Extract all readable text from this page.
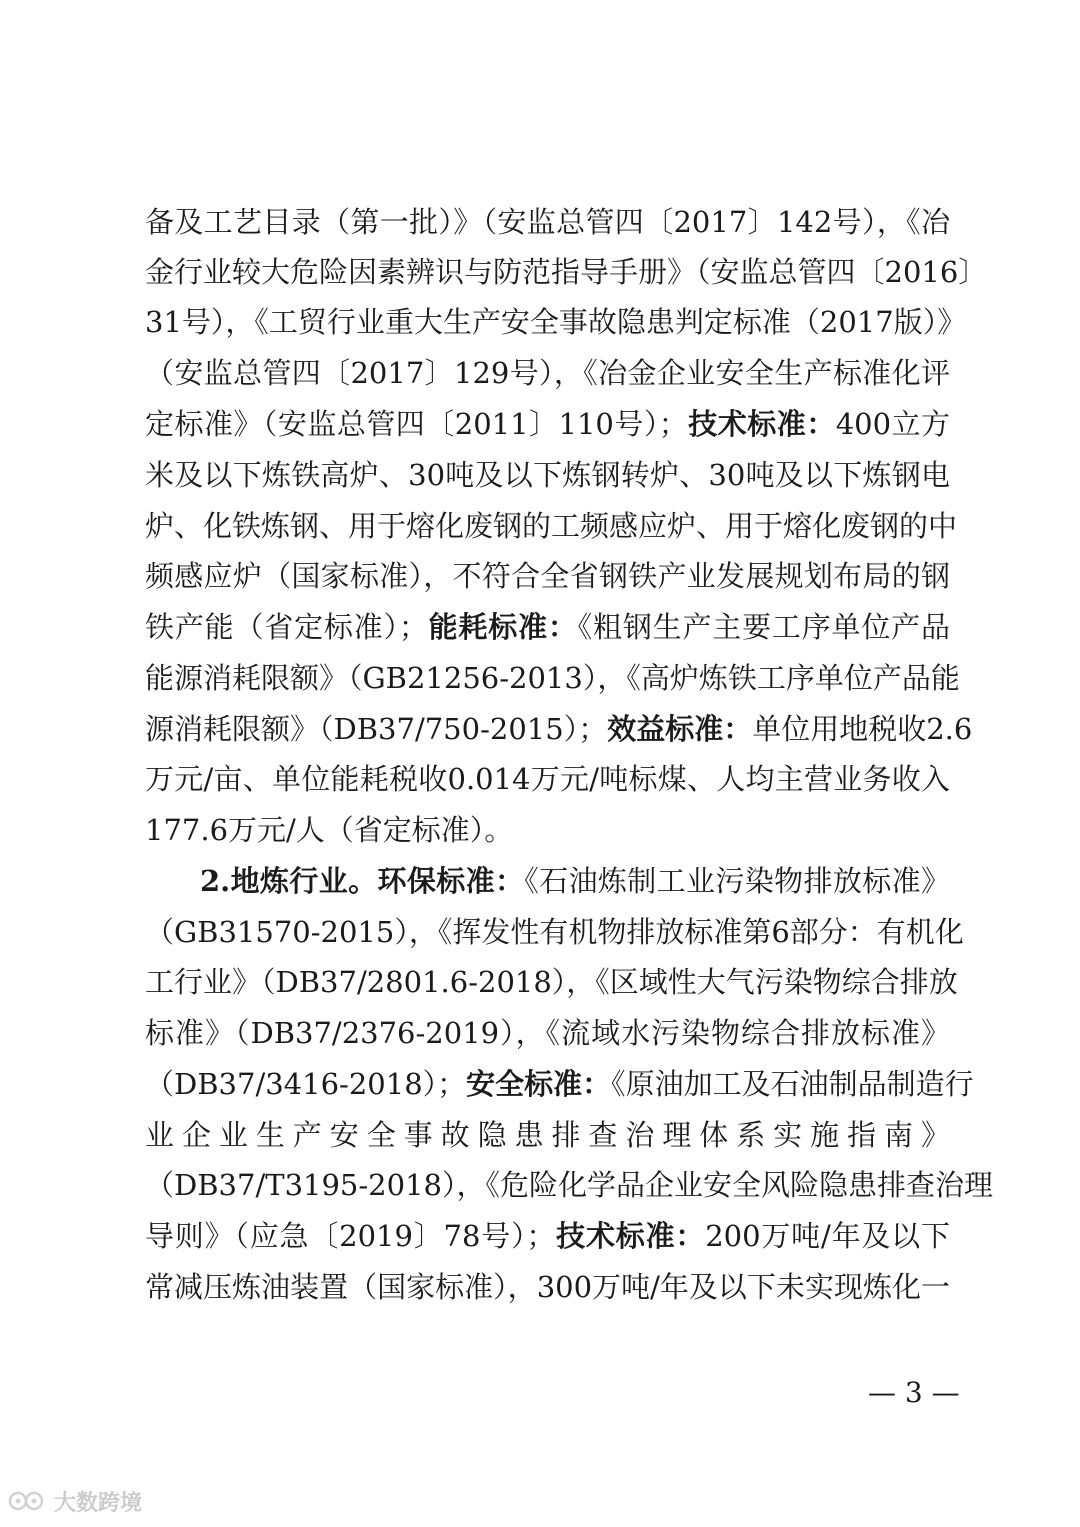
备及工艺目录（第一批）》（安监总管四〔2017〕142号），《冶
金行业较大危险因素辨识与防范指导手册》（安监总管四〔2016〕
31号），《工贸行业重大生产安全事故隐患判定标准（2017版）》
（安监总管四〔2017〕129号），《冶金企业安全生产标准化评
定标准》（安监总管四〔2011〕110号）；技术标准：400立方
米及以下炼铁高炉、30吨及以下炼钢转炉、30吨及以下炼钢电
炉、化铁炼钢、用于熔化废钢的工频感应炉、用于熔化废钢的中
频感应炉（国家标准），不符合全省钢铁产业发展规划布局的钢
铁产能（省定标准）；能耗标准：《粗钢生产主要工序单位产品
能源消耗限额》（GB21256-2013），《高炉炼铁工序单位产品能
源消耗限额》（DB37/750-2015）；效益标准：单位用地税收2.6
万元/亩、单位能耗税收0.014万元/吨标煤、人均主营业务收入
177.6万元/人（省定标准）。
2.地炼行业。环保标准：《石油炼制工业污染物排放标准》
（GB31570-2015），《挥发性有机物排放标准第6部分：有机化
工行业》（DB37/2801.6-2018），《区域性大气污染物综合排放
标准》（DB37/2376-2019），《流域水污染物综合排放标准》
（DB37/3416-2018）；安全标准：《原油加工及石油制品制造行
业企业生产安全事故隐患排查治理体系实施指南》
（DB37/T3195-2018），《危险化学品企业安全风险隐患排查治理
导则》（应急〔2019〕78号）；技术标准：200万吨/年及以下
常减压炼油装置（国家标准），300万吨/年及以下未实现炼化一
— 3 —
大数跨境
